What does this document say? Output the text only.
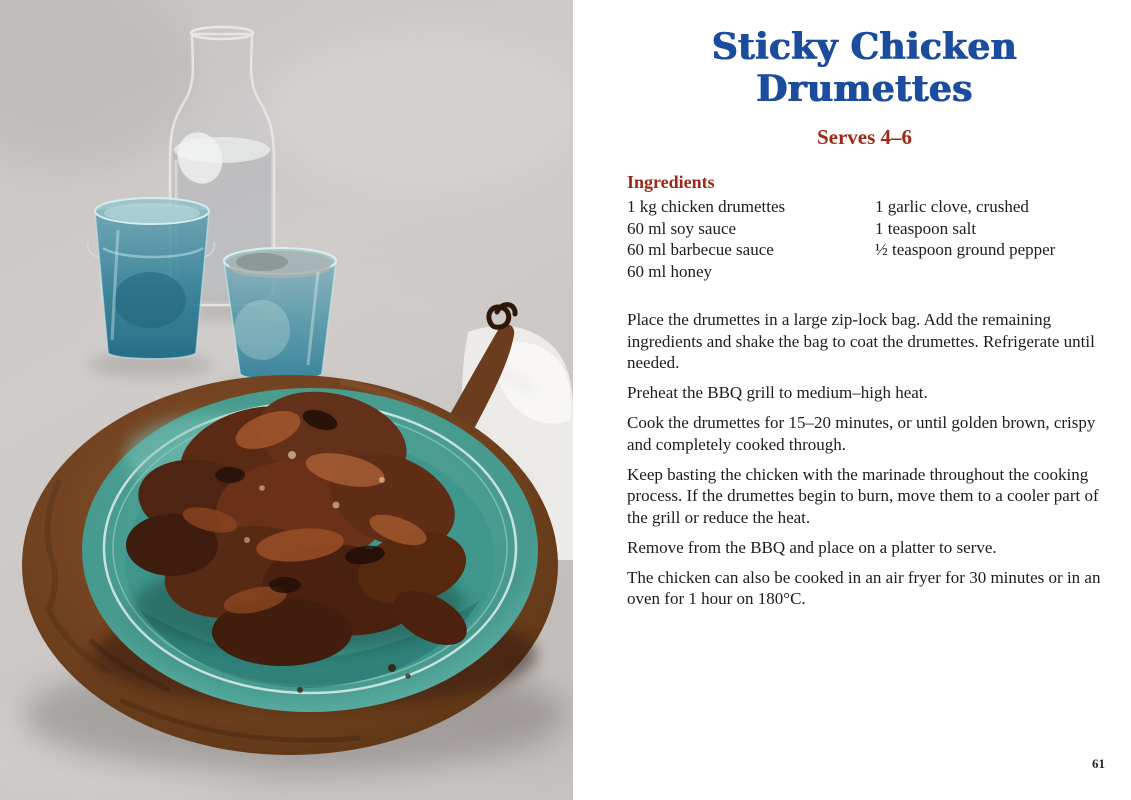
Sticky Chicken
Drumettes
Serves 4–6
Ingredients
1 kg chicken drumettes
60 ml soy sauce
60 ml barbecue sauce
60 ml honey
1 garlic clove, crushed
1 teaspoon salt
½ teaspoon ground pepper

Place the drumettes in a large zip-lock bag. Add the remaining ingredients and shake the bag to coat the drumettes. Refrigerate until needed.

Preheat the BBQ grill to medium–high heat.

Cook the drumettes for 15–20 minutes, or until golden brown, crispy and completely cooked through.

Keep basting the chicken with the marinade throughout the cooking process. If the drumettes begin to burn, move them to a cooler part of the grill or reduce the heat.

Remove from the BBQ and place on a platter to serve.

The chicken can also be cooked in an air fryer for 30 minutes or in an oven for 1 hour on 180°C.

61
